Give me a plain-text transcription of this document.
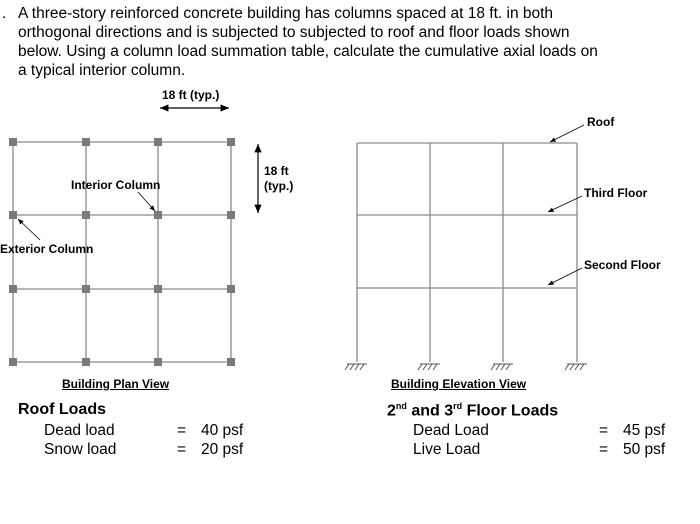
. A three-story reinforced concrete building has columns spaced at 18 ft. in both
orthogonal directions and is subjected to subjected to roof and floor loads shown
below. Using a column load summation table, calculate the cumulative axial loads on
a typical interior column.
18 ft (typ.)
18 ft
(typ.)
Interior Column
Exterior Column
Building Plan View
Roof
Third Floor
Second Floor
Building Elevation View
Roof Loads
Dead load	= 40 psf
Snow load	= 20 psf
2nd and 3rd Floor Loads
Dead Load	= 45 psf
Live Load	= 50 psf
